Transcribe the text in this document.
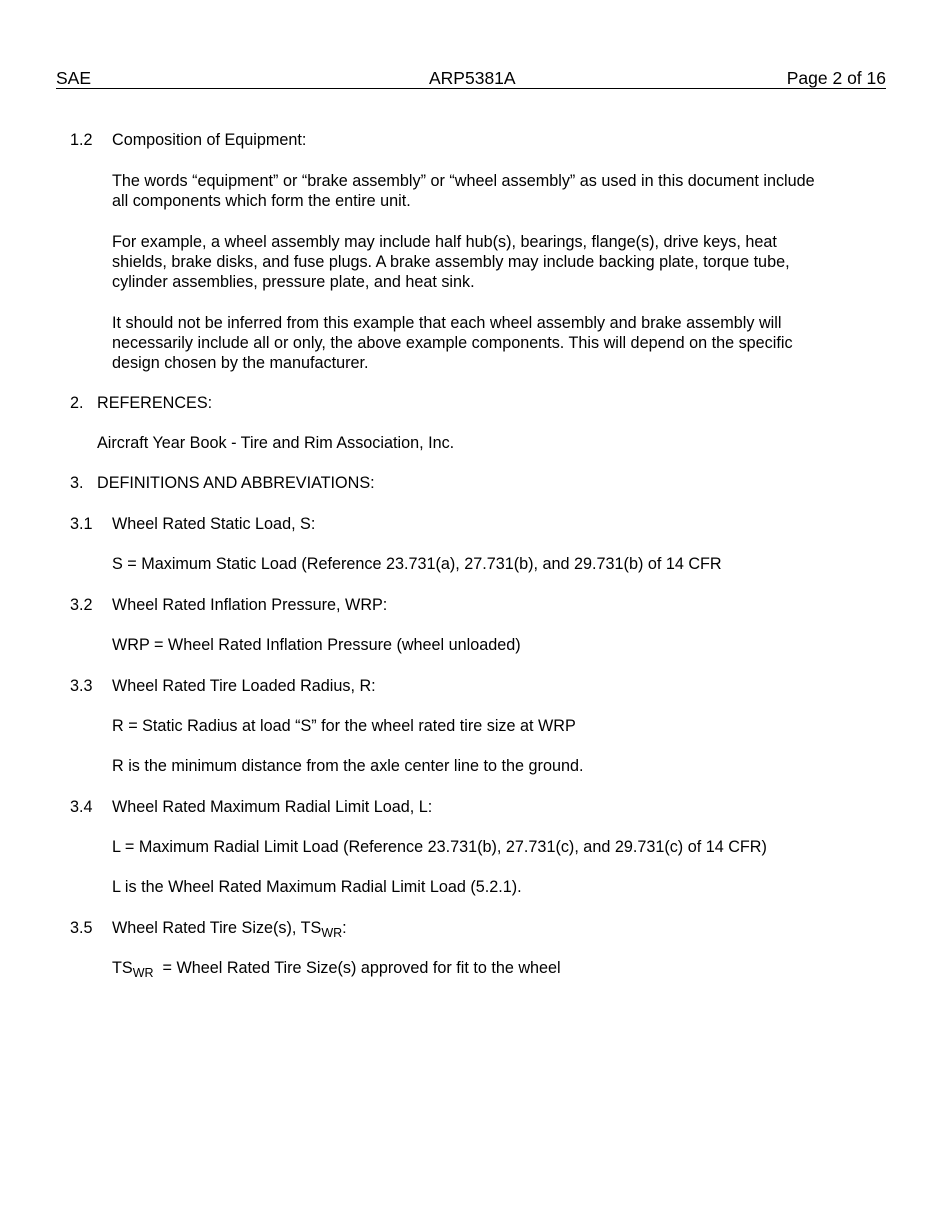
SAE	ARP5381A	Page 2 of 16
1.2 Composition of Equipment:
The words “equipment” or “brake assembly” or “wheel assembly” as used in this document include
all components which form the entire unit.
For example, a wheel assembly may include half hub(s), bearings, flange(s), drive keys, heat
shields, brake disks, and fuse plugs. A brake assembly may include backing plate, torque tube,
cylinder assemblies, pressure plate, and heat sink.
It should not be inferred from this example that each wheel assembly and brake assembly will
necessarily include all or only, the above example components. This will depend on the specific
design chosen by the manufacturer.
2. REFERENCES:
Aircraft Year Book - Tire and Rim Association, Inc.
3. DEFINITIONS AND ABBREVIATIONS:
3.1 Wheel Rated Static Load, S:
S = Maximum Static Load (Reference 23.731(a), 27.731(b), and 29.731(b) of 14 CFR
3.2 Wheel Rated Inflation Pressure, WRP:
WRP = Wheel Rated Inflation Pressure (wheel unloaded)
3.3 Wheel Rated Tire Loaded Radius, R:
R = Static Radius at load “S” for the wheel rated tire size at WRP
R is the minimum distance from the axle center line to the ground.
3.4 Wheel Rated Maximum Radial Limit Load, L:
L = Maximum Radial Limit Load (Reference 23.731(b), 27.731(c), and 29.731(c) of 14 CFR)
L is the Wheel Rated Maximum Radial Limit Load (5.2.1).
3.5 Wheel Rated Tire Size(s), $TS_{WR}$:
$TS_{WR}$  = Wheel Rated Tire Size(s) approved for fit to the wheel
